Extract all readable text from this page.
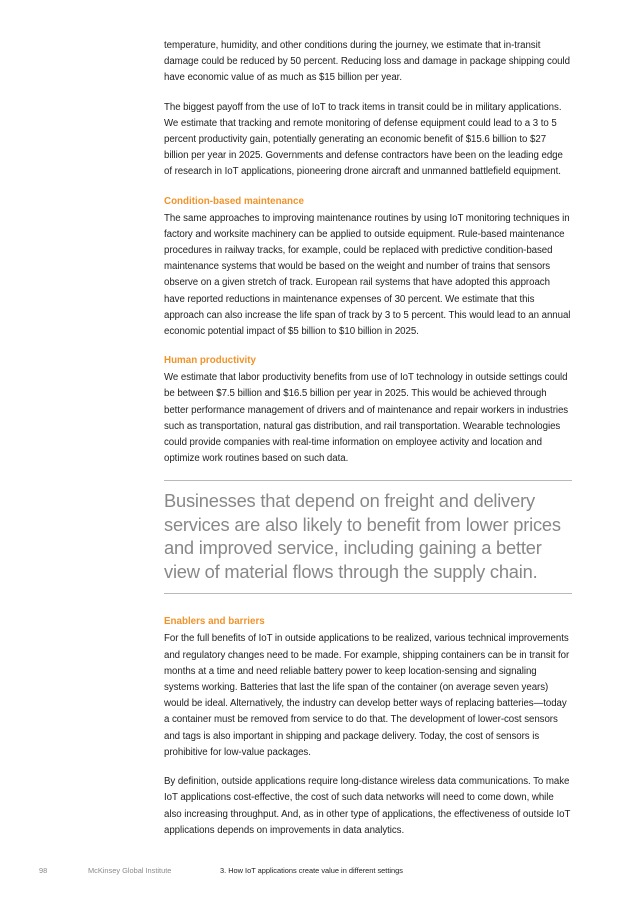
temperature, humidity, and other conditions during the journey, we estimate that in-transit damage could be reduced by 50 percent. Reducing loss and damage in package shipping could have economic value of as much as $15 billion per year.

The biggest payoff from the use of IoT to track items in transit could be in military applications. We estimate that tracking and remote monitoring of defense equipment could lead to a 3 to 5 percent productivity gain, potentially generating an economic benefit of $15.6 billion to $27 billion per year in 2025. Governments and defense contractors have been on the leading edge of research in IoT applications, pioneering drone aircraft and unmanned battlefield equipment.

Condition-based maintenance

The same approaches to improving maintenance routines by using IoT monitoring techniques in factory and worksite machinery can be applied to outside equipment. Rule-based maintenance procedures in railway tracks, for example, could be replaced with predictive condition-based maintenance systems that would be based on the weight and number of trains that sensors observe on a given stretch of track. European rail systems that have adopted this approach have reported reductions in maintenance expenses of 30 percent. We estimate that this approach can also increase the life span of track by 3 to 5 percent. This would lead to an annual economic potential impact of $5 billion to $10 billion in 2025.

Human productivity

We estimate that labor productivity benefits from use of IoT technology in outside settings could be between $7.5 billion and $16.5 billion per year in 2025. This would be achieved through better performance management of drivers and of maintenance and repair workers in industries such as transportation, natural gas distribution, and rail transportation. Wearable technologies could provide companies with real-time information on employee activity and location and optimize work routines based on such data.

Businesses that depend on freight and delivery services are also likely to benefit from lower prices and improved service, including gaining a better view of material flows through the supply chain.

Enablers and barriers

For the full benefits of IoT in outside applications to be realized, various technical improvements and regulatory changes need to be made. For example, shipping containers can be in transit for months at a time and need reliable battery power to keep location-sensing and signaling systems working. Batteries that last the life span of the container (on average seven years) would be ideal. Alternatively, the industry can develop better ways of replacing batteries—today a container must be removed from service to do that. The development of lower-cost sensors and tags is also important in shipping and package delivery. Today, the cost of sensors is prohibitive for low-value packages.

By definition, outside applications require long-distance wireless data communications. To make IoT applications cost-effective, the cost of such data networks will need to come down, while also increasing throughput. And, as in other type of applications, the effectiveness of outside IoT applications depends on improvements in data analytics.

98	McKinsey Global Institute	3. How IoT applications create value in different settings
